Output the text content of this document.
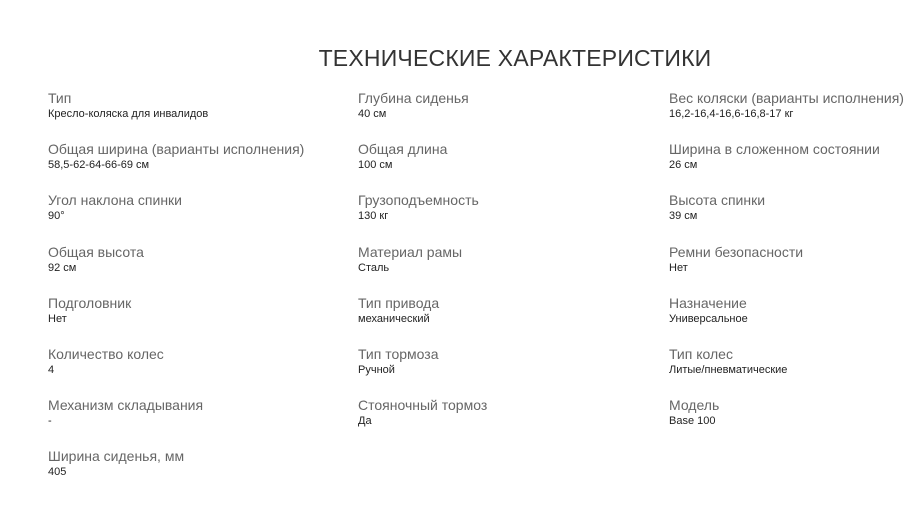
ТЕХНИЧЕСКИЕ ХАРАКТЕРИСТИКИ
Тип
Кресло-коляска для инвалидов
Общая ширина (варианты исполнения)
58,5-62-64-66-69 см
Угол наклона спинки
90°
Общая высота
92 см
Подголовник
Нет
Количество колес
4
Механизм складывания
-
Ширина сиденья, мм
405
Глубина сиденья
40 см
Общая длина
100 см
Грузоподъемность
130 кг
Материал рамы
Сталь
Тип привода
механический
Тип тормоза
Ручной
Стояночный тормоз
Да
Вес коляски (варианты исполнения)
16,2-16,4-16,6-16,8-17 кг
Ширина в сложенном состоянии
26 см
Высота спинки
39 см
Ремни безопасности
Нет
Назначение
Универсальное
Тип колес
Литые/пневматические
Модель
Base 100
